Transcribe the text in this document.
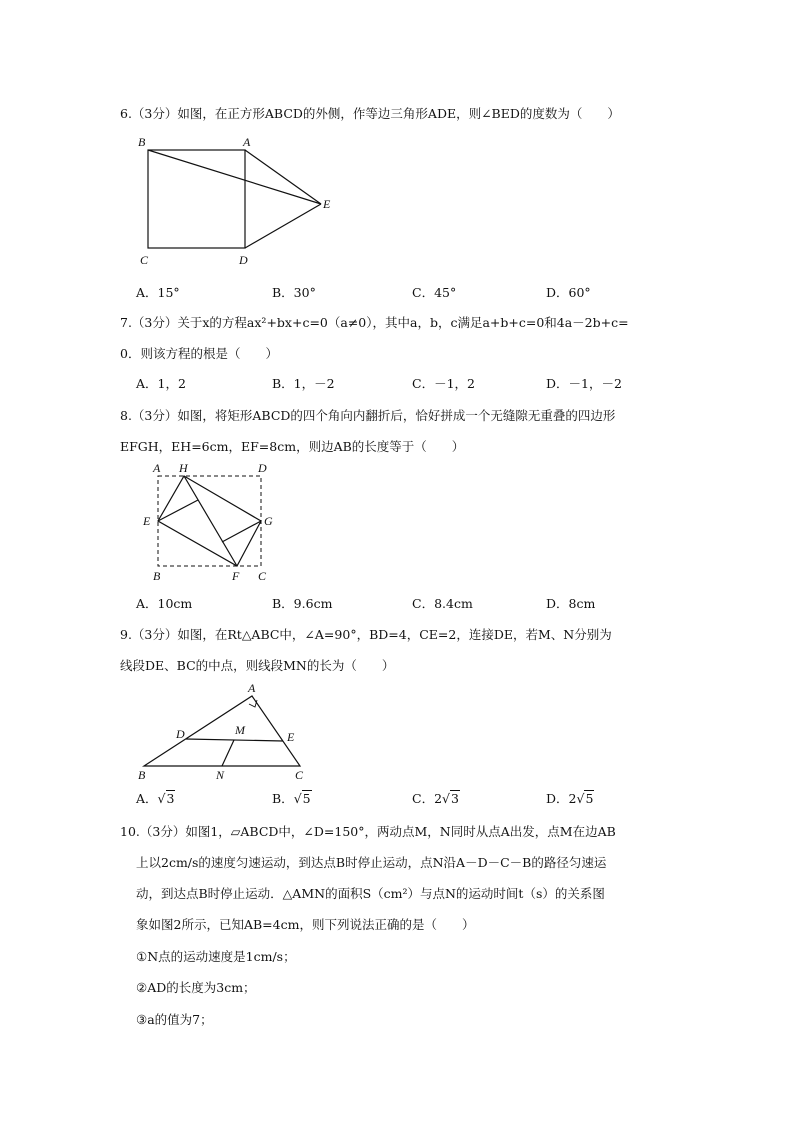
6.（3分）如图，在正方形ABCD的外侧，作等边三角形ADE，则∠BED的度数为（　　）
B	A
E
C	D
A．15°	B．30°	C．45°	D．60°
7.（3分）关于x的方程ax²+bx+c=0（a≠0），其中a，b，c满足a+b+c=0和4a－2b+c=
0．则该方程的根是（　　）
A．1，2	B．1，－2	C．－1，2	D．－1，－2
8.（3分）如图，将矩形ABCD的四个角向内翻折后，恰好拼成一个无缝隙无重叠的四边形
EFGH，EH=6cm，EF=8cm，则边AB的长度等于（　　）
A H	D
E	G
B	F C
A．10cm	B．9.6cm	C．8.4cm	D．8cm
9.（3分）如图，在Rt△ABC中，∠A=90°，BD=4，CE=2，连接DE，若M、N分别为
线段DE、BC的中点，则线段MN的长为（　　）
A
D	M	E
B	N	C
A．√3	B．√5	C．2√3	D．2√5
10.（3分）如图1，▱ABCD中，∠D=150°，两动点M，N同时从点A出发，点M在边AB
上以2cm/s的速度匀速运动，到达点B时停止运动，点N沿A－D－C－B的路径匀速运
动，到达点B时停止运动．△AMN的面积S（cm²）与点N的运动时间t（s）的关系图
象如图2所示，已知AB=4cm，则下列说法正确的是（　　）
①N点的运动速度是1cm/s；
②AD的长度为3cm；
③a的值为7；
